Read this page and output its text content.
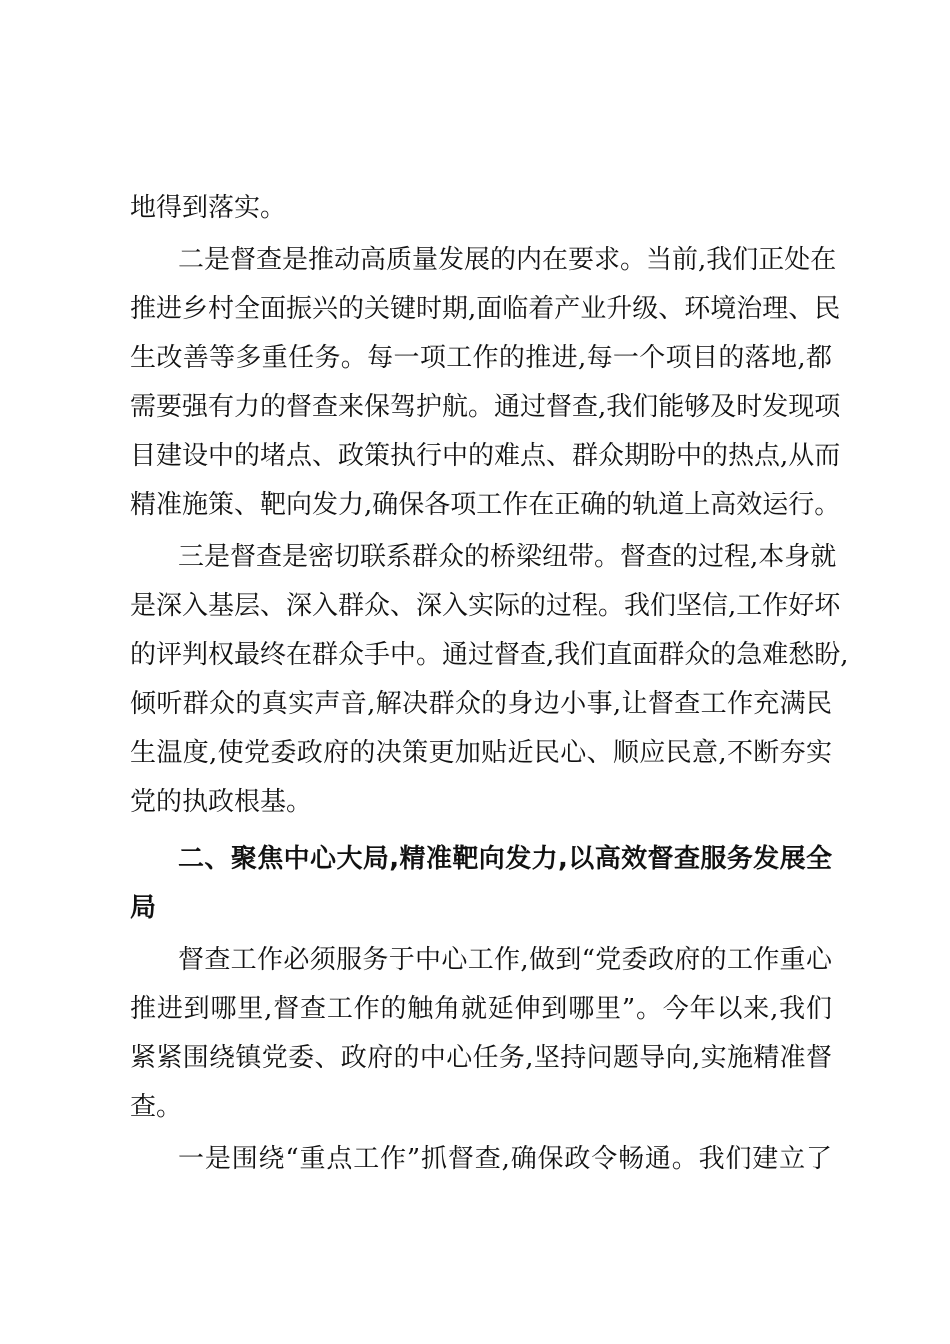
地得到落实。
二是督查是推动高质量发展的内在要求。当前,我们正处在
推进乡村全面振兴的关键时期,面临着产业升级、环境治理、民
生改善等多重任务。每一项工作的推进,每一个项目的落地,都
需要强有力的督查来保驾护航。通过督查,我们能够及时发现项
目建设中的堵点、政策执行中的难点、群众期盼中的热点,从而
精准施策、靶向发力,确保各项工作在正确的轨道上高效运行。
三是督查是密切联系群众的桥梁纽带。督查的过程,本身就
是深入基层、深入群众、深入实际的过程。我们坚信,工作好坏
的评判权最终在群众手中。通过督查,我们直面群众的急难愁盼,
倾听群众的真实声音,解决群众的身边小事,让督查工作充满民
生温度,使党委政府的决策更加贴近民心、顺应民意,不断夯实
党的执政根基。
二、聚焦中心大局,精准靶向发力,以高效督查服务发展全
局
督查工作必须服务于中心工作,做到“党委政府的工作重心
推进到哪里,督查工作的触角就延伸到哪里”。今年以来,我们
紧紧围绕镇党委、政府的中心任务,坚持问题导向,实施精准督
查。
一是围绕“重点工作”抓督查,确保政令畅通。我们建立了
